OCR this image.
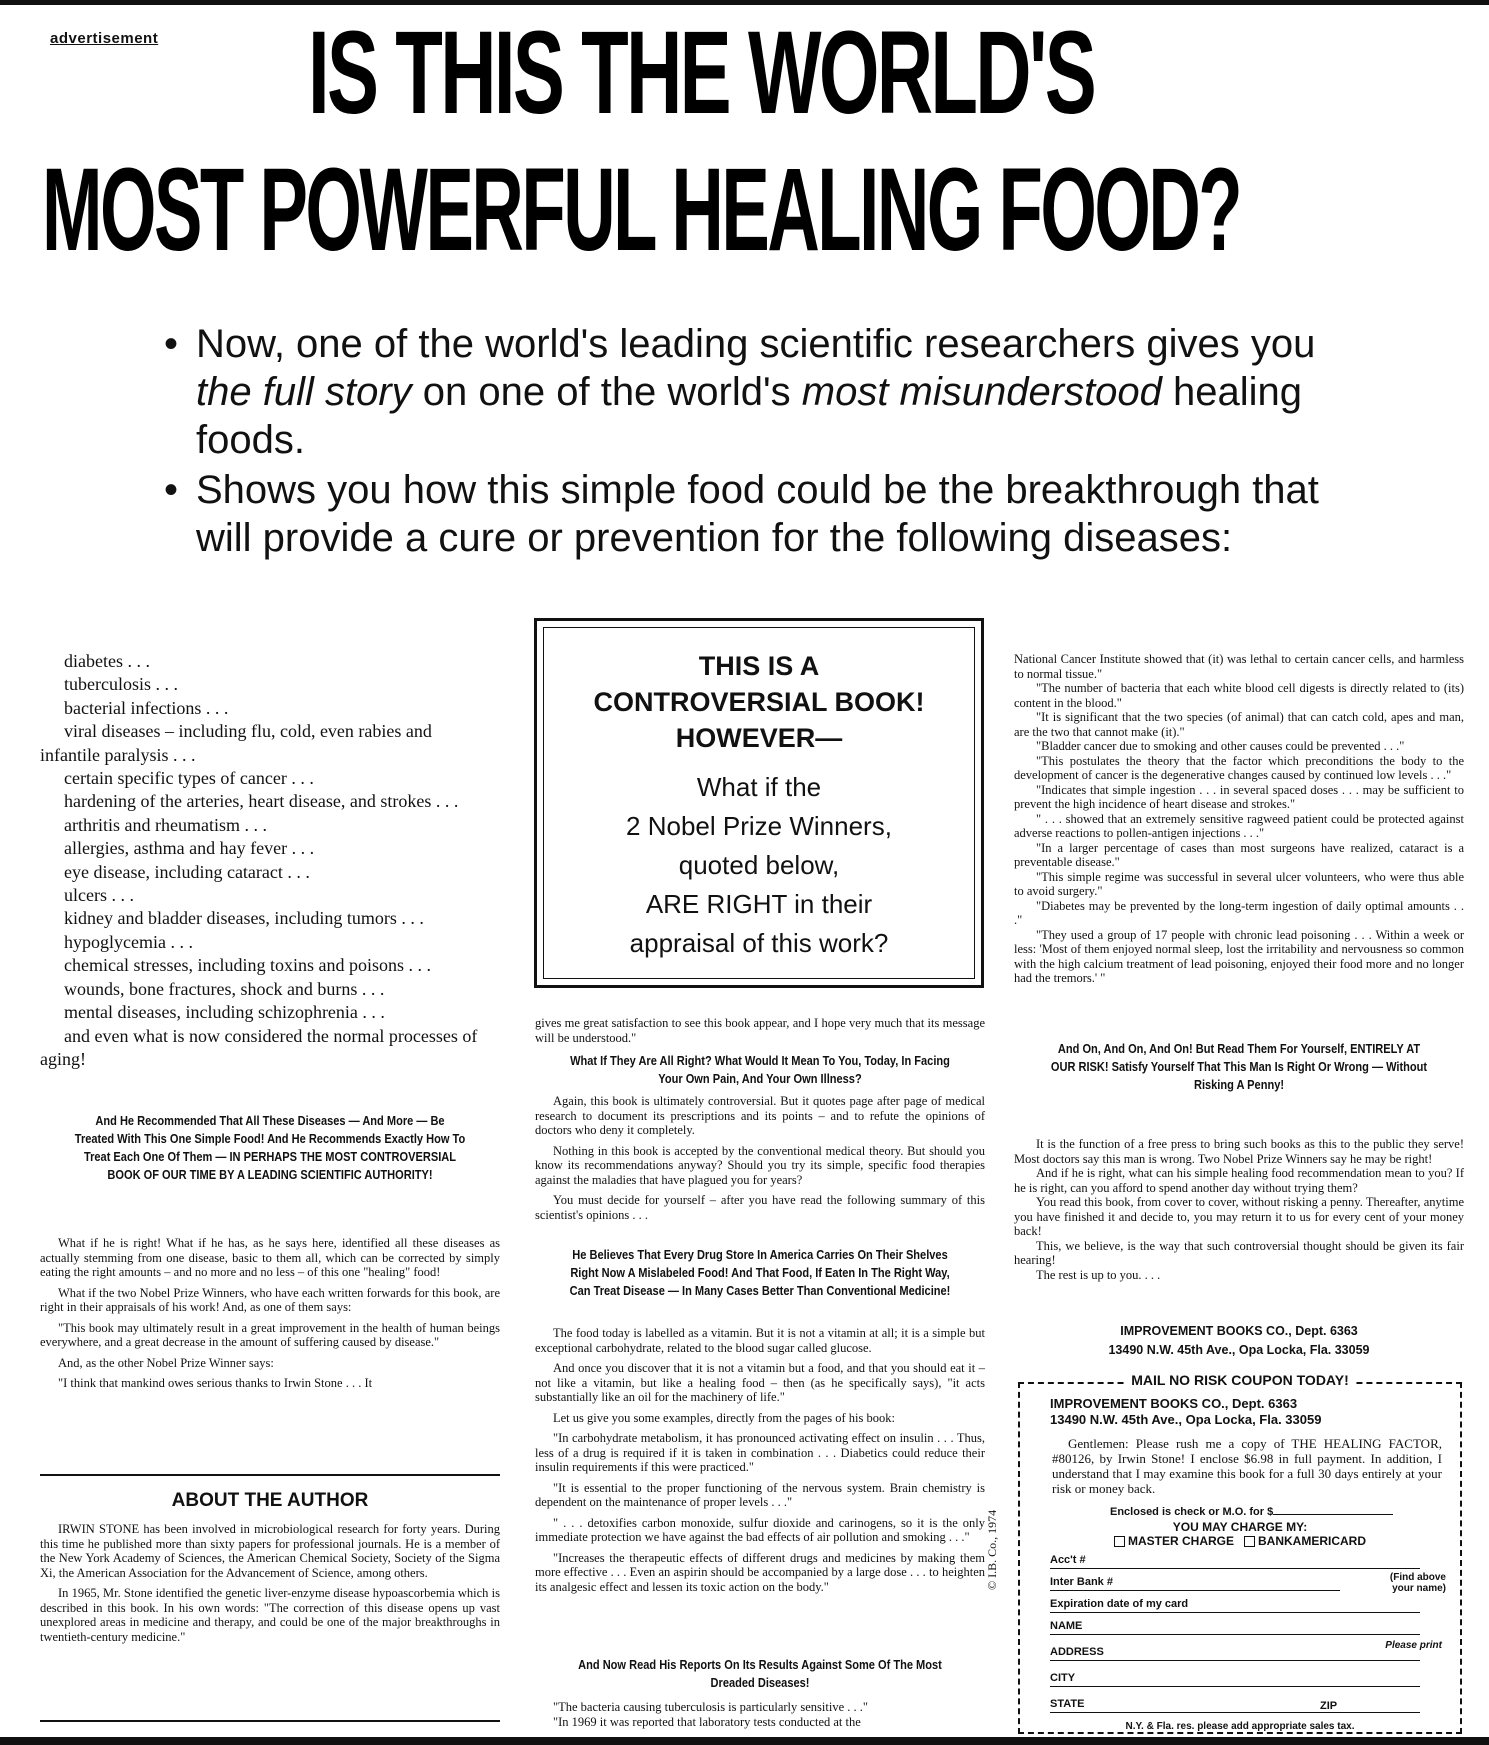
advertisement IS THIS THE WORLD'S
MOST POWERFUL HEALING FOOD?
• Now, one of the world's leading scientific researchers gives you the full story on one of the world's most misunderstood healing foods.
• Shows you how this simple food could be the breakthrough that will provide a cure or prevention for the following diseases:
diabetes . . .
tuberculosis . . .
bacterial infections . . .
viral diseases – including flu, cold, even rabies and infantile paralysis . . .
certain specific types of cancer . . .
hardening of the arteries, heart disease, and strokes . . .
arthritis and rheumatism . . .
allergies, asthma and hay fever . . .
eye disease, including cataract . . .
ulcers . . .
kidney and bladder diseases, including tumors . . .
hypoglycemia . . .
chemical stresses, including toxins and poisons . . .
wounds, bone fractures, shock and burns . . .
mental diseases, including schizophrenia . . .
and even what is now considered the normal processes of aging!
And He Recommended That All These Diseases — And More — Be Treated With This One Simple Food! And He Recommends Exactly How To Treat Each One Of Them — IN PERHAPS THE MOST CONTROVERSIAL BOOK OF OUR TIME BY A LEADING SCIENTIFIC AUTHORITY!

What if he is right! What if he has, as he says here, identified all these diseases as actually stemming from one disease, basic to them all, which can be corrected by simply eating the right amounts – and no more and no less – of this one "healing" food!

What if the two Nobel Prize Winners, who have each written forwards for this book, are right in their appraisals of his work! And, as one of them says:

"This book may ultimately result in a great improvement in the health of human beings everywhere, and a great decrease in the amount of suffering caused by disease."

And, as the other Nobel Prize Winner says:

"I think that mankind owes serious thanks to Irwin Stone . . . It

ABOUT THE AUTHOR

IRWIN STONE has been involved in microbiological research for forty years. During this time he published more than sixty papers for professional journals. He is a member of the New York Academy of Sciences, the American Chemical Society, Society of the Sigma Xi, the American Association for the Advancement of Science, among others.

In 1965, Mr. Stone identified the genetic liver-enzyme disease hypoascorbemia which is described in this book. In his own words: "The correction of this disease opens up vast unexplored areas in medicine and therapy, and could be one of the major breakthroughs in twentieth-century medicine."

THIS IS A
CONTROVERSIAL BOOK!
HOWEVER—
What if the
2 Nobel Prize Winners,
quoted below,
ARE RIGHT in their
appraisal of this work?
gives me great satisfaction to see this book appear, and I hope very much that its message will be understood."
What If They Are All Right? What Would It Mean To You, Today, In Facing Your Own Pain, And Your Own Illness?

Again, this book is ultimately controversial. But it quotes page after page of medical research to document its prescriptions and its points – and to refute the opinions of doctors who deny it completely.

Nothing in this book is accepted by the conventional medical theory. But should you know its recommendations anyway? Should you try its simple, specific food therapies against the maladies that have plagued you for years?

You must decide for yourself – after you have read the following summary of this scientist's opinions . . .

He Believes That Every Drug Store In America Carries On Their Shelves Right Now A Mislabeled Food! And That Food, If Eaten In The Right Way, Can Treat Disease — In Many Cases Better Than Conventional Medicine!

The food today is labelled as a vitamin. But it is not a vitamin at all; it is a simple but exceptional carbohydrate, related to the blood sugar called glucose.

And once you discover that it is not a vitamin but a food, and that you should eat it – not like a vitamin, but like a healing food – then (as he specifically says), "it acts substantially like an oil for the machinery of life."

Let us give you some examples, directly from the pages of his book:

"In carbohydrate metabolism, it has pronounced activating effect on insulin . . . Thus, less of a drug is required if it is taken in combination . . . Diabetics could reduce their insulin requirements if this were practiced."

"It is essential to the proper functioning of the nervous system. Brain chemistry is dependent on the maintenance of proper levels . . ."

" . . . detoxifies carbon monoxide, sulfur dioxide and carinogens, so it is the only immediate protection we have against the bad effects of air pollution and smoking . . ."

"Increases the therapeutic effects of different drugs and medicines by making them more effective . . . Even an aspirin should be accompanied by a large dose . . . to heighten its analgesic effect and lessen its toxic action on the body."

And Now Read His Reports On Its Results Against Some Of The Most Dreaded Diseases!

"The bacteria causing tuberculosis is particularly sensitive . . ."

"In 1969 it was reported that laboratory tests conducted at the

© I.B. Co., 1974

National Cancer Institute showed that (it) was lethal to certain cancer cells, and harmless to normal tissue."

"The number of bacteria that each white blood cell digests is directly related to (its) content in the blood."

"It is significant that the two species (of animal) that can catch cold, apes and man, are the two that cannot make (it)."

"Bladder cancer due to smoking and other causes could be prevented . . ."

"This postulates the theory that the factor which preconditions the body to the development of cancer is the degenerative changes caused by continued low levels . . ."

"Indicates that simple ingestion . . . in several spaced doses . . . may be sufficient to prevent the high incidence of heart disease and strokes."

" . . . showed that an extremely sensitive ragweed patient could be protected against adverse reactions to pollen-antigen injections . . ."

"In a larger percentage of cases than most surgeons have realized, cataract is a preventable disease."

"This simple regime was successful in several ulcer volunteers, who were thus able to avoid surgery."

"Diabetes may be prevented by the long-term ingestion of daily optimal amounts . . ."

"They used a group of 17 people with chronic lead poisoning . . . Within a week or less: 'Most of them enjoyed normal sleep, lost the irritability and nervousness so common with the high calcium treatment of lead poisoning, enjoyed their food more and no longer had the tremors.' "

And On, And On, And On! But Read Them For Yourself, ENTIRELY AT OUR RISK! Satisfy Yourself That This Man Is Right Or Wrong — Without Risking A Penny!

It is the function of a free press to bring such books as this to the public they serve! Most doctors say this man is wrong. Two Nobel Prize Winners say he may be right!

And if he is right, what can his simple healing food recommendation mean to you? If he is right, can you afford to spend another day without trying them?

You read this book, from cover to cover, without risking a penny. Thereafter, anytime you have finished it and decide to, you may return it to us for every cent of your money back!

This, we believe, is the way that such controversial thought should be given its fair hearing!

The rest is up to you. . . .

IMPROVEMENT BOOKS CO., Dept. 6363
13490 N.W. 45th Ave., Opa Locka, Fla. 33059
MAIL NO RISK COUPON TODAY!
IMPROVEMENT BOOKS CO., Dept. 6363
13490 N.W. 45th Ave., Opa Locka, Fla. 33059
Gentlemen: Please rush me a copy of THE HEALING FACTOR, #80126, by Irwin Stone! I enclose $6.98 in full payment. In addition, I understand that I may examine this book for a full 30 days entirely at your risk or money back.
Enclosed is check or M.O. for $
YOU MAY CHARGE MY:
MASTER CHARGE BANKAMERICARD
Acc't #
Inter Bank #	(Find above your name)
Expiration date of my card
NAME
Please print
ADDRESS
CITY
STATE	ZIP
N.Y. & Fla. res. please add appropriate sales tax.
